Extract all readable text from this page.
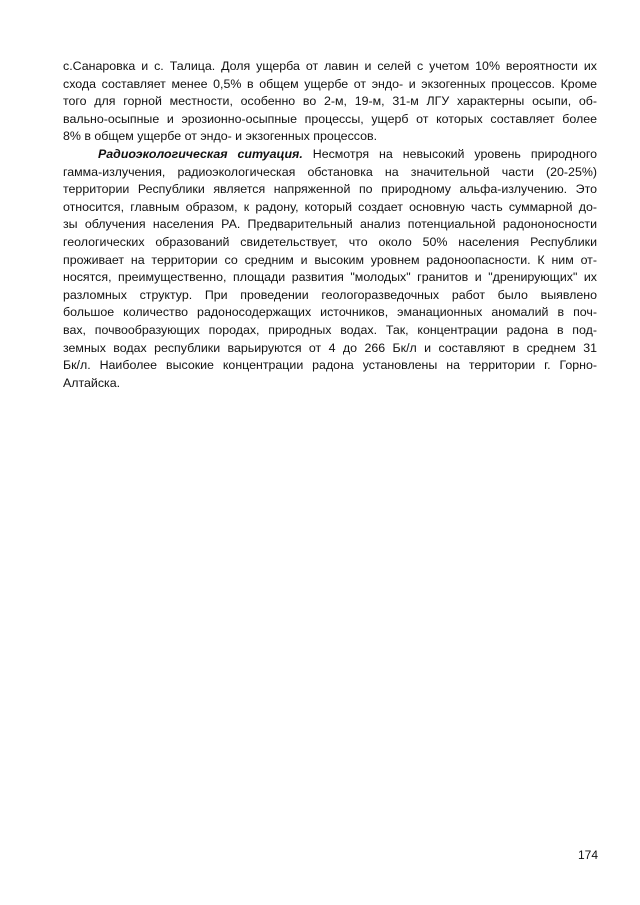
с.Санаровка и с. Талица. Доля ущерба от лавин и селей с учетом 10% вероятности их
схода составляет менее 0,5% в общем ущербе от эндо- и экзогенных процессов. Кроме
того для горной местности, особенно во 2-м, 19-м, 31-м ЛГУ характерны осыпи, об-
вально-осыпные и эрозионно-осыпные процессы, ущерб от которых составляет более
8% в общем ущербе от эндо- и экзогенных процессов.
Радиоэкологическая ситуация. Несмотря на невысокий уровень природного
гамма-излучения, радиоэкологическая обстановка на значительной части (20-25%)
территории Республики является напряженной по природному альфа-излучению. Это
относится, главным образом, к радону, который создает основную часть суммарной до-
зы облучения населения РА. Предварительный анализ потенциальной радононосности
геологических образований свидетельствует, что около 50% населения Республики
проживает на территории со средним и высоким уровнем радоноопасности. К ним от-
носятся, преимущественно, площади развития "молодых" гранитов и "дренирующих" их
разломных структур. При проведении геологоразведочных работ было выявлено
большое количество радоносодержащих источников, эманационных аномалий в поч-
вах, почвообразующих породах, природных водах. Так, концентрации радона в под-
земных водах республики варьируются от 4 до 266 Бк/л и составляют в среднем 31
Бк/л. Наиболее высокие концентрации радона установлены на территории г. Горно-
Алтайска.
174
